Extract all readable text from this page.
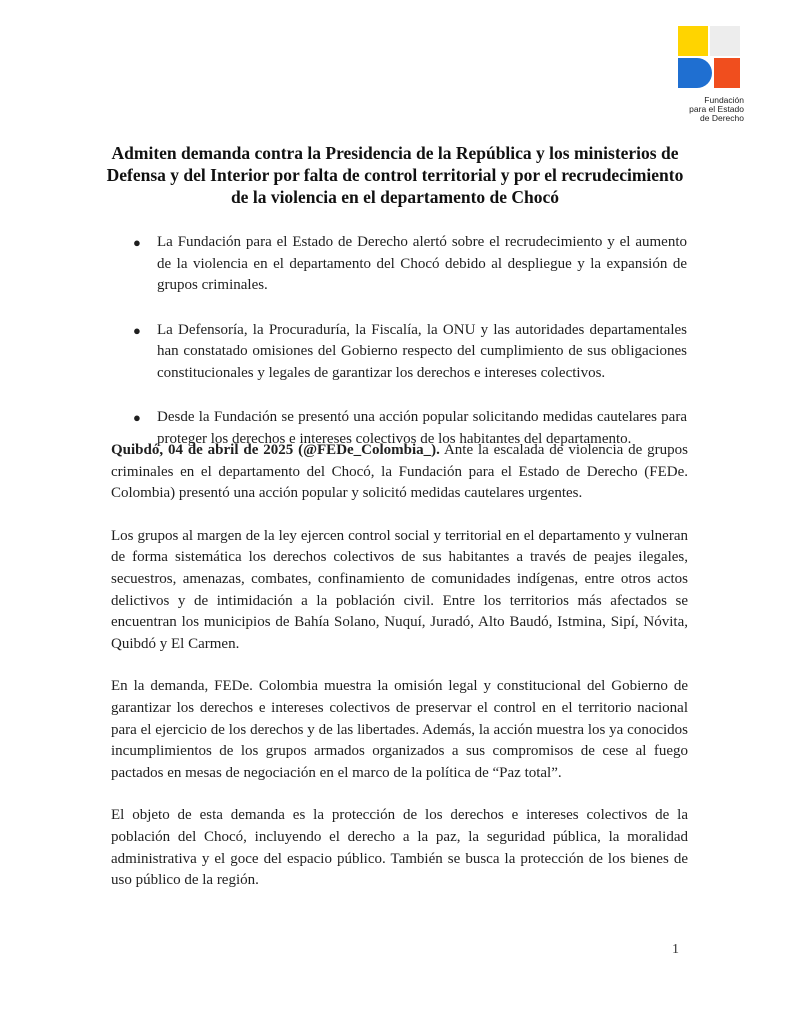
Fundación
para el Estado
de Derecho
Admiten demanda contra la Presidencia de la República y los ministerios de Defensa y del Interior por falta de control territorial y por el recrudecimiento de la violencia en el departamento de Chocó
● La Fundación para el Estado de Derecho alertó sobre el recrudecimiento y el aumento de la violencia en el departamento del Chocó debido al despliegue y la expansión de grupos criminales.
● La Defensoría, la Procuraduría, la Fiscalía, la ONU y las autoridades departamentales han constatado omisiones del Gobierno respecto del cumplimiento de sus obligaciones constitucionales y legales de garantizar los derechos e intereses colectivos.
● Desde la Fundación se presentó una acción popular solicitando medidas cautelares para proteger los derechos e intereses colectivos de los habitantes del departamento.

Quibdó, 04 de abril de 2025 (@FEDe_Colombia_). Ante la escalada de violencia de grupos criminales en el departamento del Chocó, la Fundación para el Estado de Derecho (FEDe. Colombia) presentó una acción popular y solicitó medidas cautelares urgentes.

Los grupos al margen de la ley ejercen control social y territorial en el departamento y vulneran de forma sistemática los derechos colectivos de sus habitantes a través de peajes ilegales, secuestros, amenazas, combates, confinamiento de comunidades indígenas, entre otros actos delictivos y de intimidación a la población civil. Entre los territorios más afectados se encuentran los municipios de Bahía Solano, Nuquí, Juradó, Alto Baudó, Istmina, Sipí, Nóvita, Quibdó y El Carmen.

En la demanda, FEDe. Colombia muestra la omisión legal y constitucional del Gobierno de garantizar los derechos e intereses colectivos de preservar el control en el territorio nacional para el ejercicio de los derechos y de las libertades. Además, la acción muestra los ya conocidos incumplimientos de los grupos armados organizados a sus compromisos de cese al fuego pactados en mesas de negociación en el marco de la política de “Paz total”.

El objeto de esta demanda es la protección de los derechos e intereses colectivos de la población del Chocó, incluyendo el derecho a la paz, la seguridad pública, la moralidad administrativa y el goce del espacio público. También se busca la protección de los bienes de uso público de la región.

1
